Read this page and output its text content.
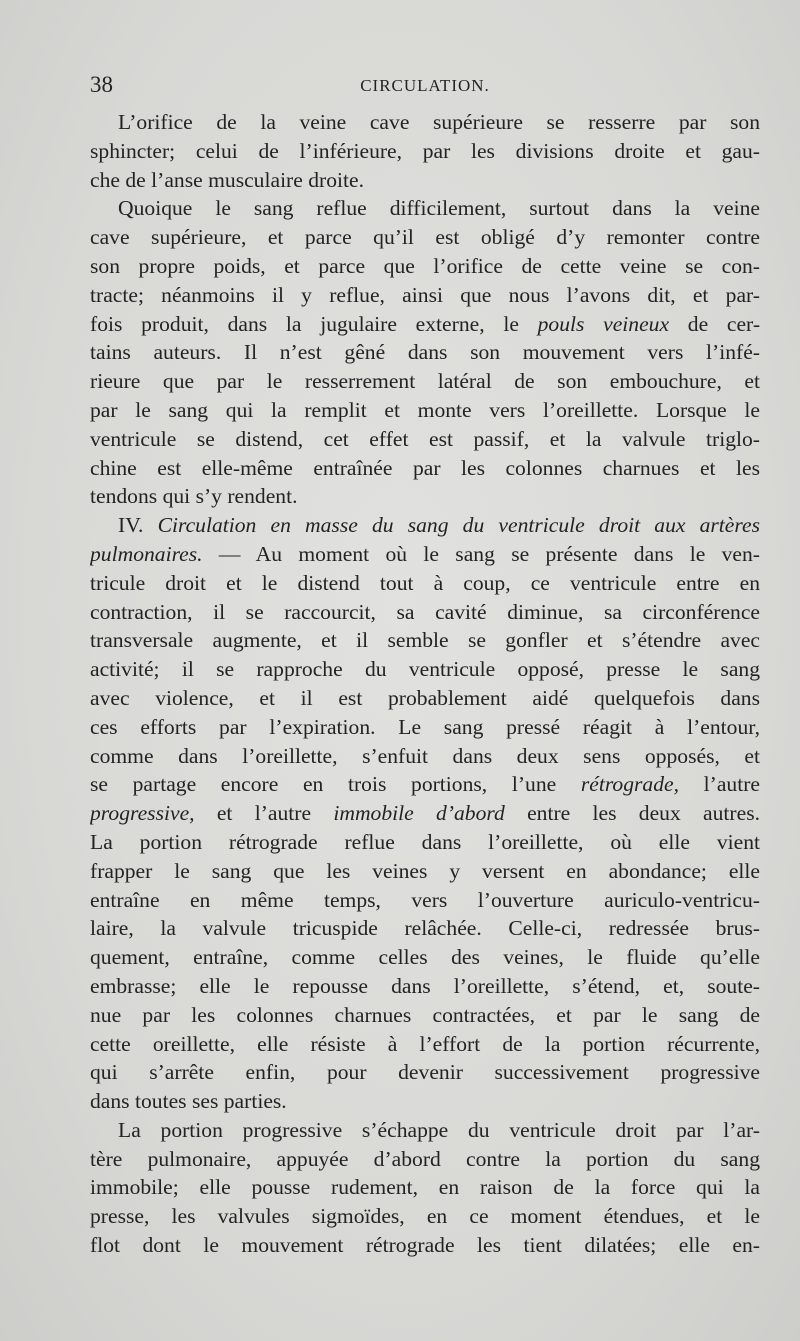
38	CIRCULATION.
L’orifice de la veine cave supérieure se resserre par son
sphincter; celui de l’inférieure, par les divisions droite et gau-
che de l’anse musculaire droite.
Quoique le sang reflue difficilement, surtout dans la veine
cave supérieure, et parce qu’il est obligé d’y remonter contre
son propre poids, et parce que l’orifice de cette veine se con-
tracte; néanmoins il y reflue, ainsi que nous l’avons dit, et par-
fois produit, dans la jugulaire externe, le pouls veineux de cer-
tains auteurs. Il n’est gêné dans son mouvement vers l’infé-
rieure que par le resserrement latéral de son embouchure, et
par le sang qui la remplit et monte vers l’oreillette. Lorsque le
ventricule se distend, cet effet est passif, et la valvule triglo-
chine est elle-même entraînée par les colonnes charnues et les
tendons qui s’y rendent.
IV. Circulation en masse du sang du ventricule droit aux artères
pulmonaires. — Au moment où le sang se présente dans le ven-
tricule droit et le distend tout à coup, ce ventricule entre en
contraction, il se raccourcit, sa cavité diminue, sa circonférence
transversale augmente, et il semble se gonfler et s’étendre avec
activité; il se rapproche du ventricule opposé, presse le sang
avec violence, et il est probablement aidé quelquefois dans
ces efforts par l’expiration. Le sang pressé réagit à l’entour,
comme dans l’oreillette, s’enfuit dans deux sens opposés, et
se partage encore en trois portions, l’une rétrograde, l’autre
progressive, et l’autre immobile d’abord entre les deux autres.
La portion rétrograde reflue dans l’oreillette, où elle vient
frapper le sang que les veines y versent en abondance; elle
entraîne en même temps, vers l’ouverture auriculo-ventricu-
laire, la valvule tricuspide relâchée. Celle-ci, redressée brus-
quement, entraîne, comme celles des veines, le fluide qu’elle
embrasse; elle le repousse dans l’oreillette, s’étend, et, soute-
nue par les colonnes charnues contractées, et par le sang de
cette oreillette, elle résiste à l’effort de la portion récurrente,
qui s’arrête enfin, pour devenir successivement progressive
dans toutes ses parties.
La portion progressive s’échappe du ventricule droit par l’ar-
tère pulmonaire, appuyée d’abord contre la portion du sang
immobile; elle pousse rudement, en raison de la force qui la
presse, les valvules sigmoïdes, en ce moment étendues, et le
flot dont le mouvement rétrograde les tient dilatées; elle en-
